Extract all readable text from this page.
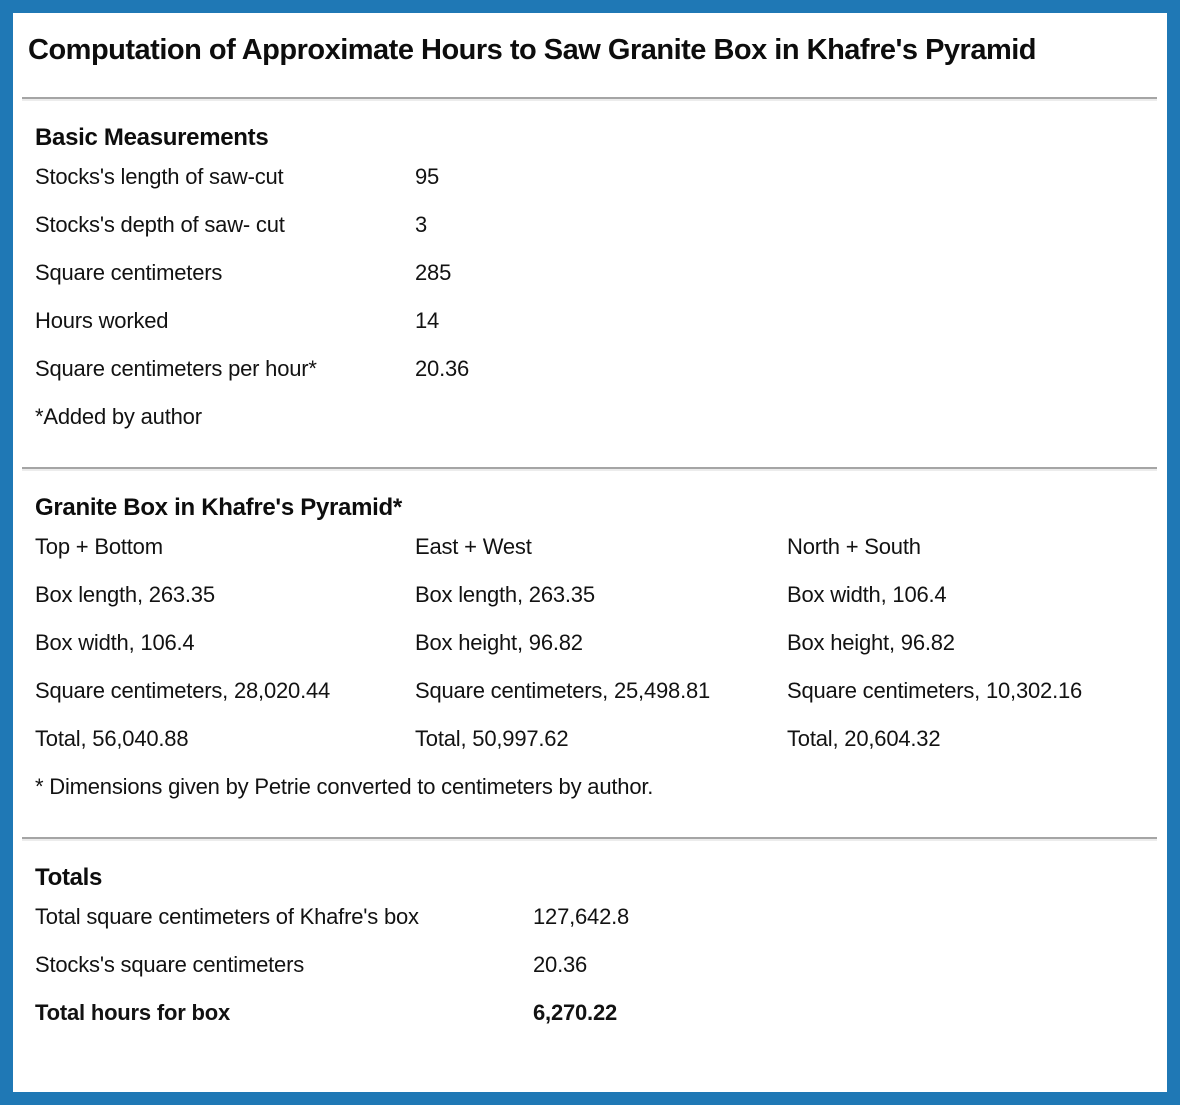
Computation of Approximate Hours to Saw Granite Box in Khafre's Pyramid
Basic Measurements
Stocks's length of saw-cut	95
Stocks's depth of saw- cut	3
Square centimeters	285
Hours worked	14
Square centimeters per hour*	20.36
*Added by author
Granite Box in Khafre's Pyramid*
Top + Bottom	East + West	North + South
Box length, 263.35	Box length, 263.35	Box width, 106.4
Box width, 106.4	Box height, 96.82	Box height, 96.82
Square centimeters, 28,020.44	Square centimeters, 25,498.81	Square centimeters, 10,302.16
Total, 56,040.88	Total, 50,997.62	Total, 20,604.32
* Dimensions given by Petrie converted to centimeters by author.
Totals
Total square centimeters of Khafre's box	127,642.8
Stocks's square centimeters	20.36
Total hours for box	6,270.22
